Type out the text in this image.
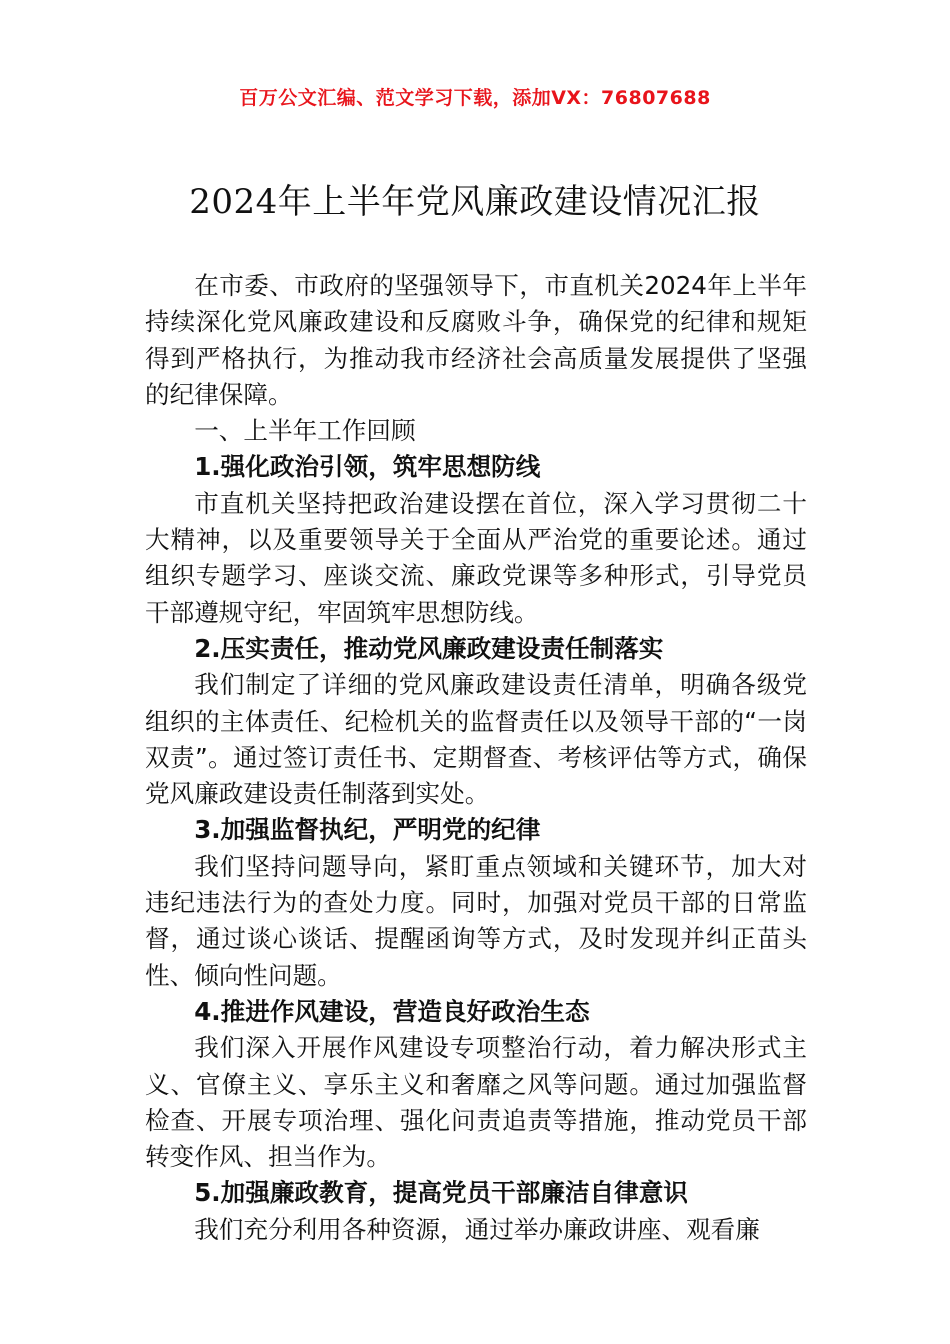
百万公文汇编、范文学习下载，添加VX：76807688
2024年上半年党风廉政建设情况汇报

在市委、市政府的坚强领导下，市直机关2024年上半年持续深化党风廉政建设和反腐败斗争，确保党的纪律和规矩得到严格执行，为推动我市经济社会高质量发展提供了坚强的纪律保障。

一、上半年工作回顾
1.强化政治引领，筑牢思想防线

市直机关坚持把政治建设摆在首位，深入学习贯彻二十大精神，以及重要领导关于全面从严治党的重要论述。通过组织专题学习、座谈交流、廉政党课等多种形式，引导党员干部遵规守纪，牢固筑牢思想防线。

2.压实责任，推动党风廉政建设责任制落实

我们制定了详细的党风廉政建设责任清单，明确各级党组织的主体责任、纪检机关的监督责任以及领导干部的“一岗双责”。通过签订责任书、定期督查、考核评估等方式，确保党风廉政建设责任制落到实处。

3.加强监督执纪，严明党的纪律

我们坚持问题导向，紧盯重点领域和关键环节，加大对违纪违法行为的查处力度。同时，加强对党员干部的日常监督，通过谈心谈话、提醒函询等方式，及时发现并纠正苗头性、倾向性问题。

4.推进作风建设，营造良好政治生态

我们深入开展作风建设专项整治行动，着力解决形式主义、官僚主义、享乐主义和奢靡之风等问题。通过加强监督检查、开展专项治理、强化问责追责等措施，推动党员干部转变作风、担当作为。

5.加强廉政教育，提高党员干部廉洁自律意识

我们充分利用各种资源，通过举办廉政讲座、观看廉
